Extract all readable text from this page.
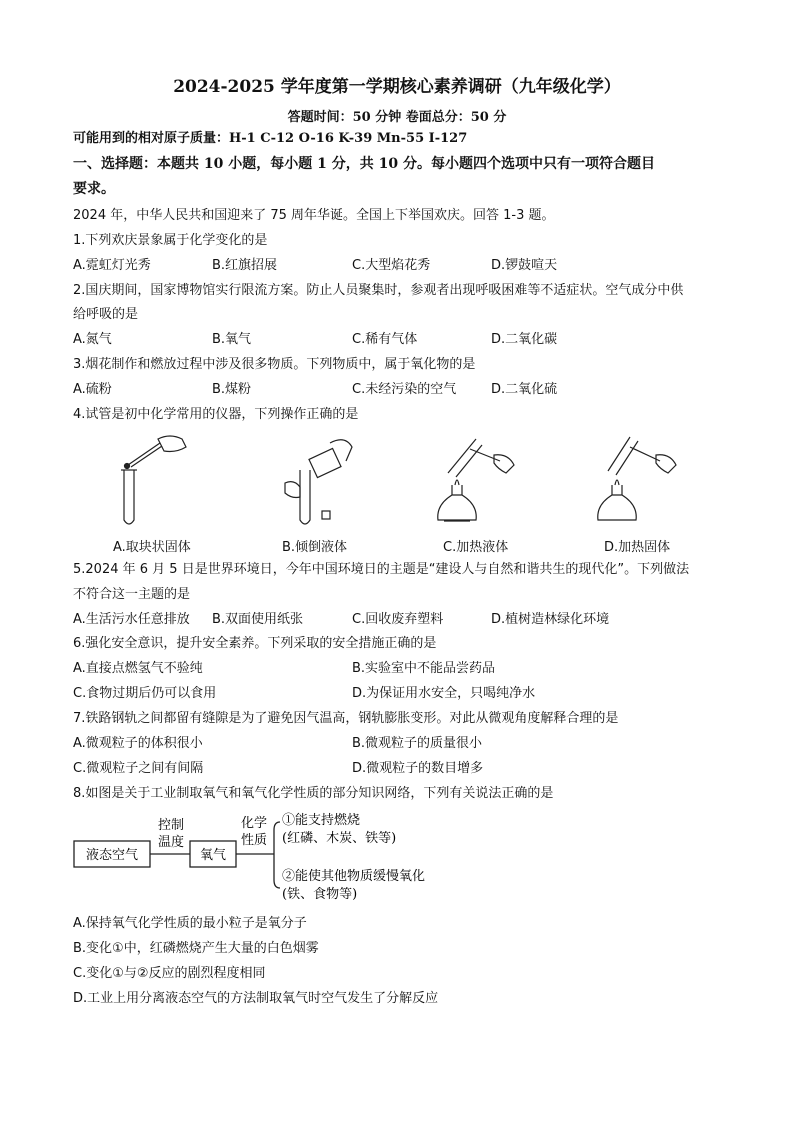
2024-2025 学年度第一学期核心素养调研（九年级化学）
答题时间：50 分钟 卷面总分：50 分
可能用到的相对原子质量：H-1 C-12 O-16 K-39 Mn-55 I-127
一、选择题：本题共 10 小题，每小题 1 分，共 10 分。每小题四个选项中只有一项符合题目
要求。
2024 年，中华人民共和国迎来了 75 周年华诞。全国上下举国欢庆。回答 1-3 题。
1.下列欢庆景象属于化学变化的是
A.霓虹灯光秀	B.红旗招展	C.大型焰花秀	D.锣鼓喧天
2.国庆期间，国家博物馆实行限流方案。防止人员聚集时，参观者出现呼吸困难等不适症状。空气成分中供
给呼吸的是
A.氮气	B.氧气	C.稀有气体	D.二氧化碳
3.烟花制作和燃放过程中涉及很多物质。下列物质中，属于氧化物的是
A.硫粉	B.煤粉	C.未经污染的空气	D.二氧化硫
4.试管是初中化学常用的仪器，下列操作正确的是
A.取块状固体	B.倾倒液体	C.加热液体	D.加热固体
5.2024 年 6 月 5 日是世界环境日，今年中国环境日的主题是“建设人与自然和谐共生的现代化”。下列做法
不符合这一主题的是
A.生活污水任意排放 B.双面使用纸张	C.回收废弃塑料	D.植树造林绿化环境
6.强化安全意识，提升安全素养。下列采取的安全措施正确的是
A.直接点燃氢气不验纯	B.实验室中不能品尝药品
C.食物过期后仍可以食用	D.为保证用水安全，只喝纯净水
7.铁路钢轨之间都留有缝隙是为了避免因气温高，钢轨膨胀变形。对此从微观角度解释合理的是
A.微观粒子的体积很小	B.微观粒子的质量很小
C.微观粒子之间有间隔	D.微观粒子的数目增多
8.如图是关于工业制取氧气和氧气化学性质的部分知识网络，下列有关说法正确的是
液态空气
控制
温度
氧气
化学
性质
①能支持燃烧
(红磷、木炭、铁等)
②能使其他物质缓慢氧化
(铁、食物等)
A.保持氧气化学性质的最小粒子是氧分子
B.变化①中，红磷燃烧产生大量的白色烟雾
C.变化①与②反应的剧烈程度相同
D.工业上用分离液态空气的方法制取氧气时空气发生了分解反应
